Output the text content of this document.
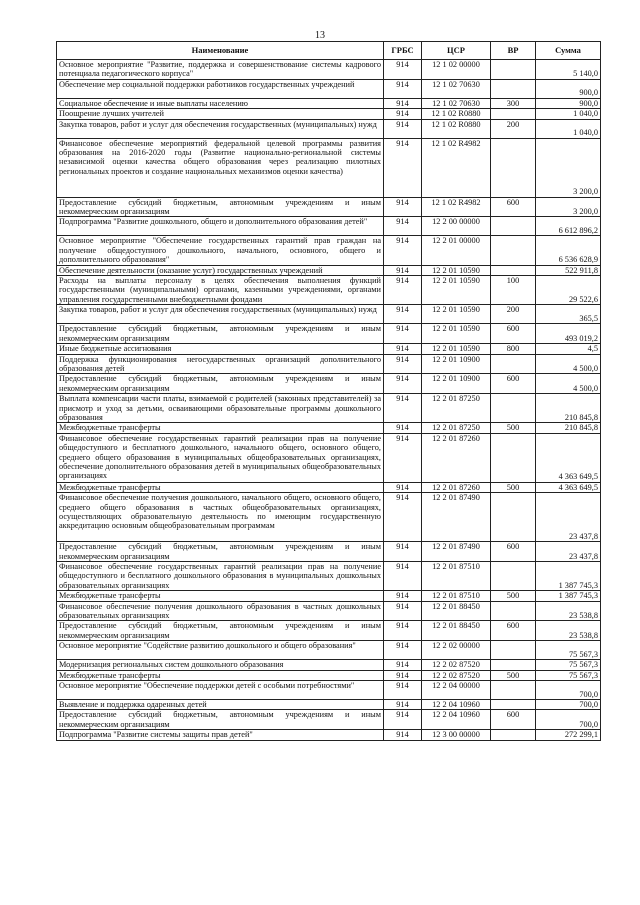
13
Наименование	ГРБС	ЦСР	ВР	Сумма
Основное мероприятие "Развитие, поддержка и совершенствование системы кадрового потенциала педагогического корпуса"	914	12 1 02 00000		5 140,0
Обеспечение мер социальной поддержки работников государственных учреждений	914	12 1 02 70630		900,0
Социальное обеспечение и иные выплаты населению	914	12 1 02 70630	300	900,0
Поощрение лучших учителей	914	12 1 02 R0880		1 040,0
Закупка товаров, работ и услуг для обеспечения государственных (муниципальных) нужд	914	12 1 02 R0880	200	1 040,0
Финансовое обеспечение мероприятий федеральной целевой программы развития образования на 2016-2020 годы (Развитие национально-региональной системы независимой оценки качества общего образования через реализацию пилотных региональных проектов и создание национальных механизмов оценки качества)	914	12 1 02 R4982		3 200,0
Предоставление субсидий бюджетным, автономным учреждениям и иным некоммерческим организациям	914	12 1 02 R4982	600	3 200,0
Подпрограмма "Развитие дошкольного, общего и дополнительного образования детей"	914	12 2 00 00000		6 612 896,2
Основное мероприятие "Обеспечение государственных гарантий прав граждан на получение общедоступного дошкольного, начального, основного, общего и дополнительного образования"	914	12 2 01 00000		6 536 628,9
Обеспечение деятельности (оказание услуг) государственных учреждений	914	12 2 01 10590		522 911,8
Расходы на выплаты персоналу в целях обеспечения выполнения функций государственными (муниципальными) органами, казенными учреждениями, органами управления государственными внебюджетными фондами	914	12 2 01 10590	100	29 522,6
Закупка товаров, работ и услуг для обеспечения государственных (муниципальных) нужд	914	12 2 01 10590	200	365,5
Предоставление субсидий бюджетным, автономным учреждениям и иным некоммерческим организациям	914	12 2 01 10590	600	493 019,2
Иные бюджетные ассигнования	914	12 2 01 10590	800	4,5
Поддержка функционирования негосударственных организаций дополнительного образования детей	914	12 2 01 10900		4 500,0
Предоставление субсидий бюджетным, автономным учреждениям и иным некоммерческим организациям	914	12 2 01 10900	600	4 500,0
Выплата компенсации части платы, взимаемой с родителей (законных представителей) за присмотр и уход за детьми, осваивающими образовательные программы дошкольного образования	914	12 2 01 87250		210 845,8
Межбюджетные трансферты	914	12 2 01 87250	500	210 845,8
Финансовое обеспечение государственных гарантий реализации прав на получение общедоступного и бесплатного дошкольного, начального общего, основного общего, среднего общего образования в муниципальных общеобразовательных организациях, обеспечение дополнительного образования детей в муниципальных общеобразовательных организациях	914	12 2 01 87260		4 363 649,5
Межбюджетные трансферты	914	12 2 01 87260	500	4 363 649,5
Финансовое обеспечение получения дошкольного, начального общего, основного общего, среднего общего образования в частных общеобразовательных организациях, осуществляющих образовательную деятельность по имеющим государственную аккредитацию основным общеобразовательным программам	914	12 2 01 87490		23 437,8
Предоставление субсидий бюджетным, автономным учреждениям и иным некоммерческим организациям	914	12 2 01 87490	600	23 437,8
Финансовое обеспечение государственных гарантий реализации прав на получение общедоступного и бесплатного дошкольного образования в муниципальных дошкольных образовательных организациях	914	12 2 01 87510		1 387 745,3
Межбюджетные трансферты	914	12 2 01 87510	500	1 387 745,3
Финансовое обеспечение получения дошкольного образования в частных дошкольных образовательных организациях	914	12 2 01 88450		23 538,8
Предоставление субсидий бюджетным, автономным учреждениям и иным некоммерческим организациям	914	12 2 01 88450	600	23 538,8
Основное мероприятие "Содействие развитию дошкольного и общего образования"	914	12 2 02 00000		75 567,3
Модернизация региональных систем дошкольного образования	914	12 2 02 87520		75 567,3
Межбюджетные трансферты	914	12 2 02 87520	500	75 567,3
Основное мероприятие "Обеспечение поддержки детей с особыми потребностями"	914	12 2 04 00000		700,0
Выявление и поддержка одаренных детей	914	12 2 04 10960		700,0
Предоставление субсидий бюджетным, автономным учреждениям и иным некоммерческим организациям	914	12 2 04 10960	600	700,0
Подпрограмма "Развитие системы защиты прав детей"	914	12 3 00 00000		272 299,1
